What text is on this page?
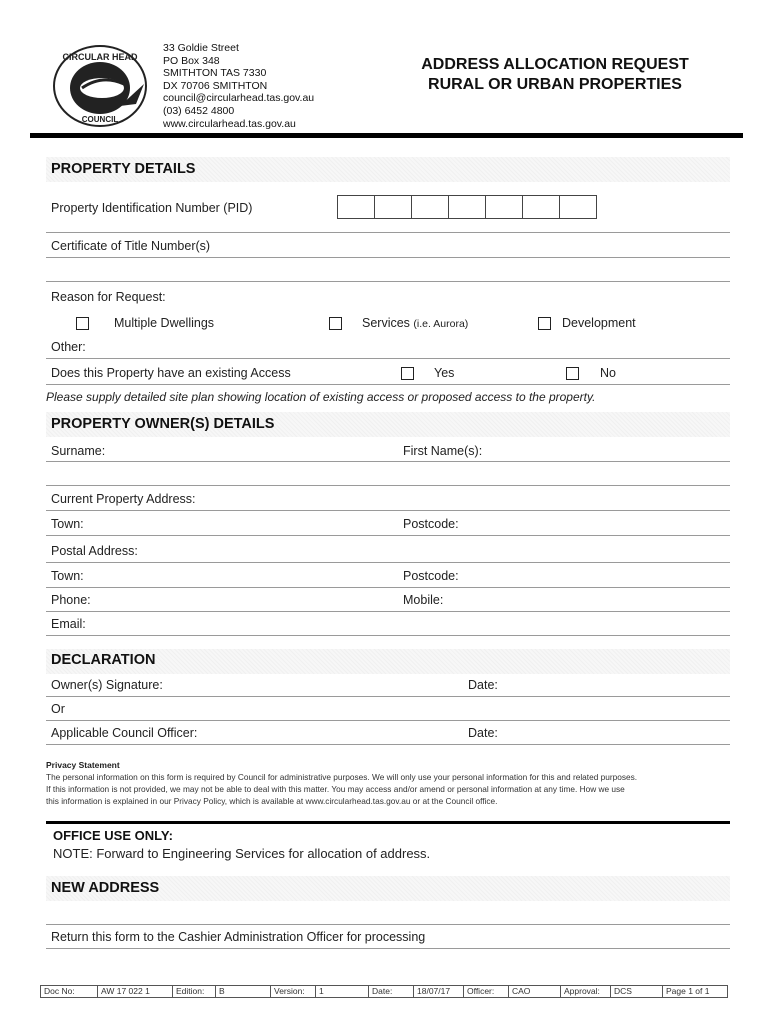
CIRCULAR HEAD
COUNCIL
33 Goldie Street
PO Box 348
SMITHTON TAS 7330
DX 70706 SMITHTON
council@circularhead.tas.gov.au
(03) 6452 4800
www.circularhead.tas.gov.au
ADDRESS ALLOCATION REQUEST
RURAL OR URBAN PROPERTIES
PROPERTY DETAILS
Property Identification Number (PID)
Certificate of Title Number(s)
Reason for Request:
Multiple Dwellings	Services (i.e. Aurora)	Development
Other:
Does this Property have an existing Access	Yes	No
Please supply detailed site plan showing location of existing access or proposed access to the property.
PROPERTY OWNER(S) DETAILS
Surname:	First Name(s):
Current Property Address:
Town:	Postcode:
Postal Address:
Town:	Postcode:
Phone:	Mobile:
Email:
DECLARATION
Owner(s) Signature:	Date:
Or
Applicable Council Officer:	Date:
Privacy Statement
The personal information on this form is required by Council for administrative purposes. We will only use your personal information for this and related purposes.
If this information is not provided, we may not be able to deal with this matter. You may access and/or amend or personal information at any time. How we use
this information is explained in our Privacy Policy, which is available at www.circularhead.tas.gov.au or at the Council office.
OFFICE USE ONLY:
NOTE: Forward to Engineering Services for allocation of address.
NEW ADDRESS
Return this form to the Cashier Administration Officer for processing
Doc No:	AW 17 022 1	Edition:	B	Version:	1	Date:	18/07/17	Officer:	CAO	Approval:	DCS	Page 1 of 1
